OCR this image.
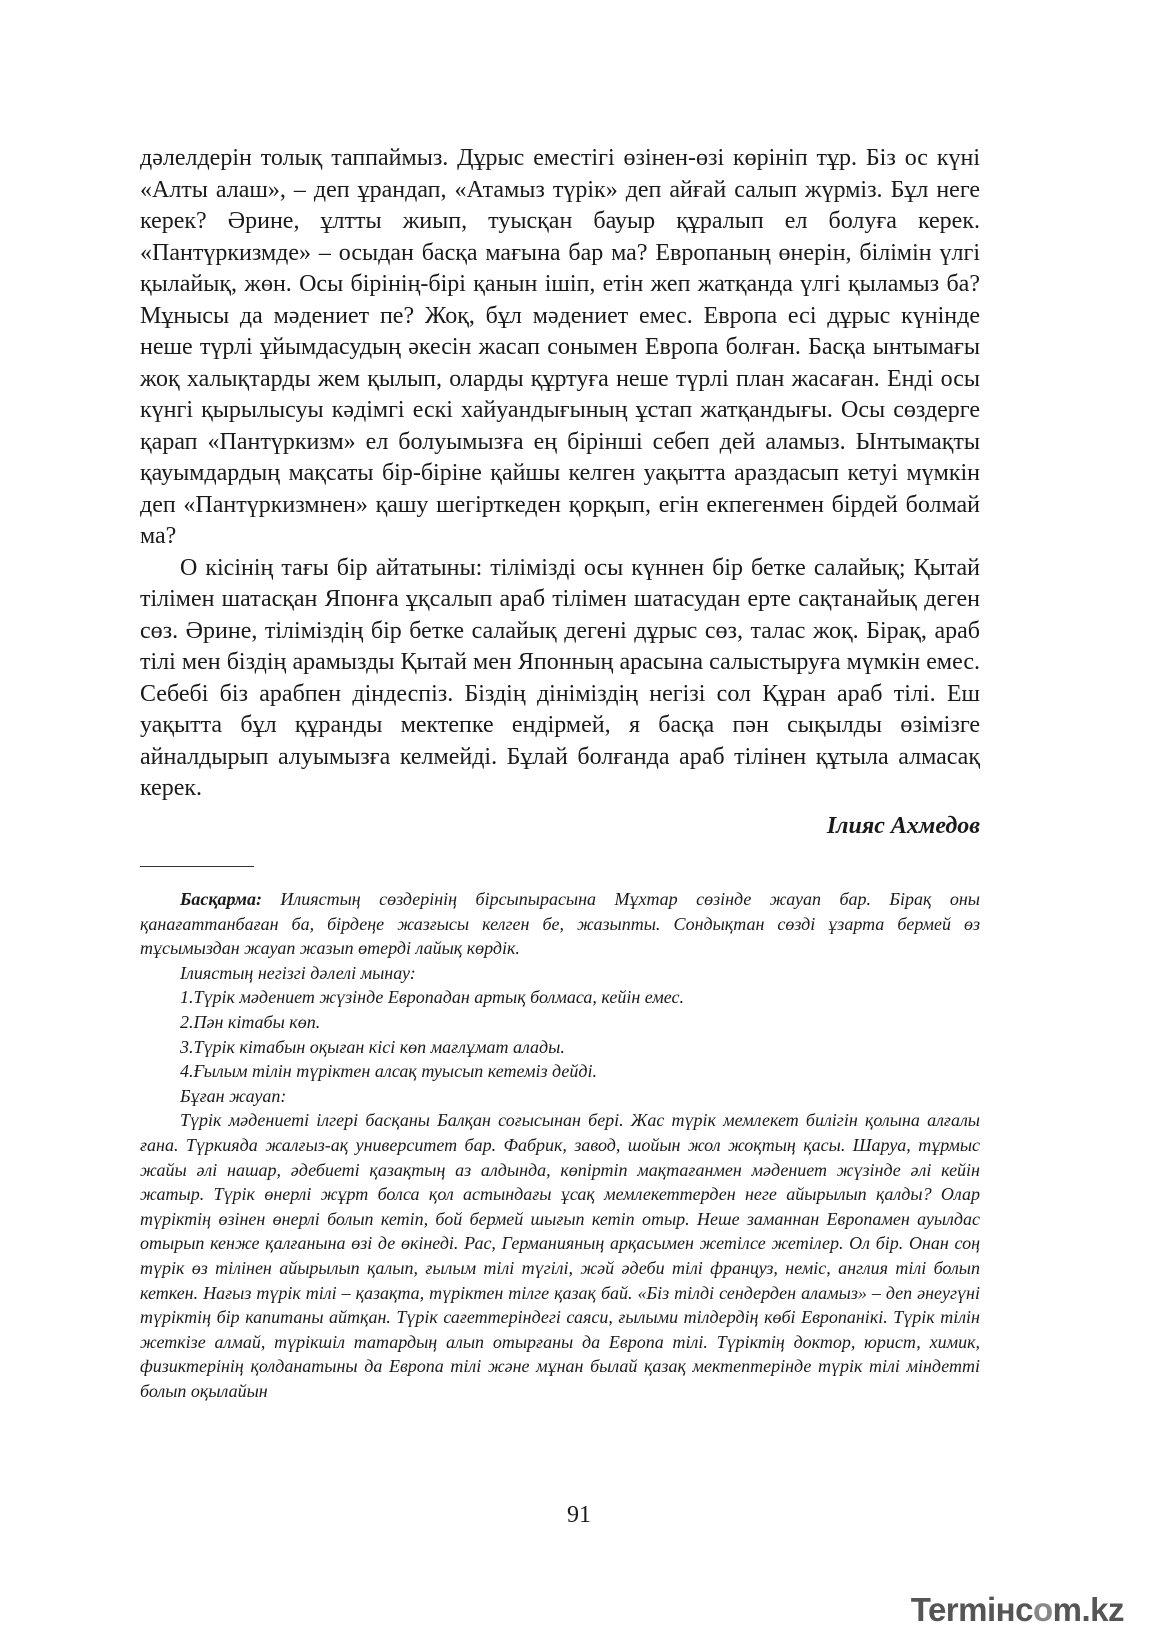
дәлелдерін толық таппаймыз. Дұрыс еместігі өзінен-өзі көрініп тұр. Біз ос күні «Алты алаш», – деп ұрандап, «Атамыз түрік» деп айғай салып жүрміз. Бұл неге керек? Әрине, ұлтты жиып, туысқан бауыр құралып ел болуға керек. «Пантүркизмде» – осыдан басқа мағына бар ма? Европаның өнерін, білімін үлгі қылайық, жөн. Осы бірінің-бірі қанын ішіп, етін жеп жатқанда үлгі қыламыз ба? Мұнысы да мәдениет пе? Жоқ, бұл мәдениет емес. Европа есі дұрыс күнінде неше түрлі ұйымдасудың әкесін жасап сонымен Европа болған. Басқа ынтымағы жоқ халықтарды жем қылып, оларды құртуға неше түрлі план жасаған. Енді осы күнгі қырылысуы кәдімгі ескі хайуандығының ұстап жатқандығы. Осы сөздерге қарап «Пантүркизм» ел болуымызға ең бірінші себеп дей аламыз. Ынтымақты қауымдардың мақсаты бір-біріне қайшы келген уақытта араздасып кетуі мүмкін деп «Пантүркизмнен» қашу шегірткеден қорқып, егін екпегенмен бірдей болмай ма?

О кісінің тағы бір айтатыны: тілімізді осы күннен бір бетке салайық; Қытай тілімен шатасқан Японға ұқсалып араб тілімен шатасудан ерте сақтанайық деген сөз. Әрине, тіліміздің бір бетке салайық дегені дұрыс сөз, талас жоқ. Бірақ, араб тілі мен біздің арамызды Қытай мен Японның арасына салыстыруға мүмкін емес. Себебі біз арабпен діндеспіз. Біздің дініміздің негізі сол Құран араб тілі. Еш уақытта бұл құранды мектепке ендірмей, я басқа пән сықылды өзімізге айналдырып алуымызға келмейді. Бұлай болғанда араб тілінен құтыла алмасақ керек.

Ілияс Ахмедов

Басқарма: Илиястың сөздерінің бірсыпырасына Мұхтар сөзінде жауап бар. Бірақ оны қанағаттанбаған ба, бірдеңе жазғысы келген бе, жазыпты. Сондықтан сөзді ұзарта бермей өз тұсымыздан жауап жазып өтерді лайық көрдік.

Ілиястың негізгі дәлелі мынау:

1.Түрік мәдениет жүзінде Европадан артық болмаса, кейін емес.

2.Пән кітабы көп.

3.Түрік кітабын оқыған кісі көп мағлұмат алады.

4.Ғылым тілін түріктен алсақ туысып кетеміз дейді.

Бұған жауап:

Түрік мәдениеті ілгері басқаны Балқан соғысынан бері. Жас түрік мемлекет билігін қолына алғалы ғана. Түркияда жалғыз-ақ университет бар. Фабрик, завод, шойын жол жоқтың қасы. Шаруа, тұрмыс жайы әлі нашар, әдебиеті қазақтың аз алдында, көпіртіп мақтағанмен мәдениет жүзінде әлі кейін жатыр. Түрік өнерлі жұрт болса қол астындағы ұсақ мемлекеттерден неге айырылып қалды? Олар түріктің өзінен өнерлі болып кетіп, бой бермей шығып кетіп отыр. Неше заманнан Европамен ауылдас отырып кенже қалғанына өзі де өкінеді. Рас, Германияның арқасымен жетілсе жетілер. Ол бір. Онан соң түрік өз тілінен айырылып қалып, ғылым тілі түгілі, жәй әдеби тілі француз, неміс, англия тілі болып кеткен. Нағыз түрік тілі – қазақта, түріктен тілге қазақ бай. «Біз тілді сендерден аламыз» – деп әнеугүні түріктің бір капитаны айтқан. Түрік сағеттеріндегі саяси, ғылыми тілдердің көбі Европанікі. Түрік тілін жеткізе алмай, түрікшіл татардың алып отырғаны да Европа тілі. Түріктің доктор, юрист, химик, физиктерінің қолданатыны да Европа тілі және мұнан былай қазақ мектептерінде түрік тілі міндетті болып оқылайын

91
Termінcom.kz
